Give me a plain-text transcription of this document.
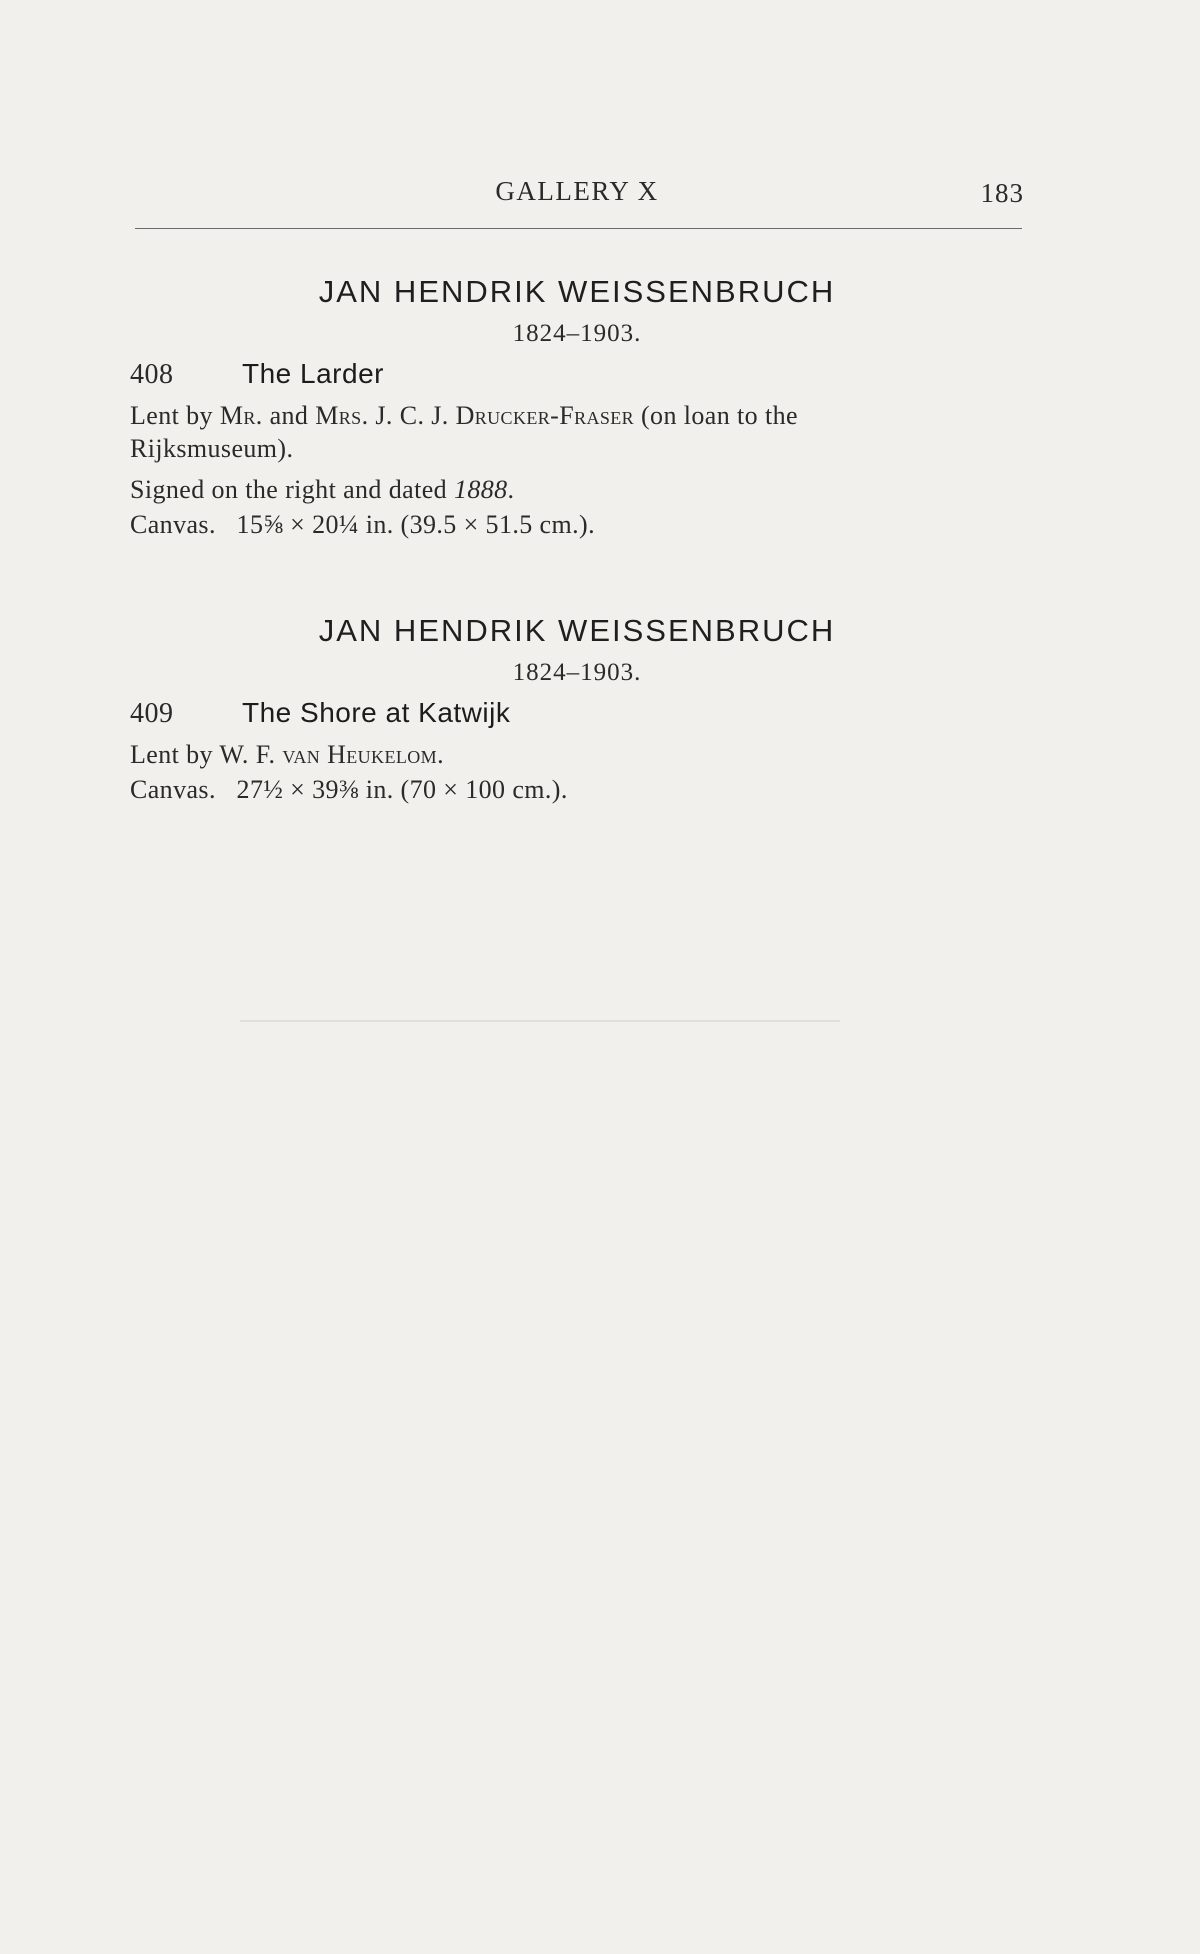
GALLERY X	183
JAN HENDRIK WEISSENBRUCH
1824–1903.
408	The Larder
Lent by Mr. and Mrs. J. C. J. Drucker-Fraser (on loan to the
Rijksmuseum).
Signed on the right and dated 1888.
Canvas.   15⅝ × 20¼ in. (39.5 × 51.5 cm.).
JAN HENDRIK WEISSENBRUCH
1824–1903.
409	The Shore at Katwijk
Lent by W. F. van Heukelom.
Canvas.   27½ × 39⅜ in. (70 × 100 cm.).
